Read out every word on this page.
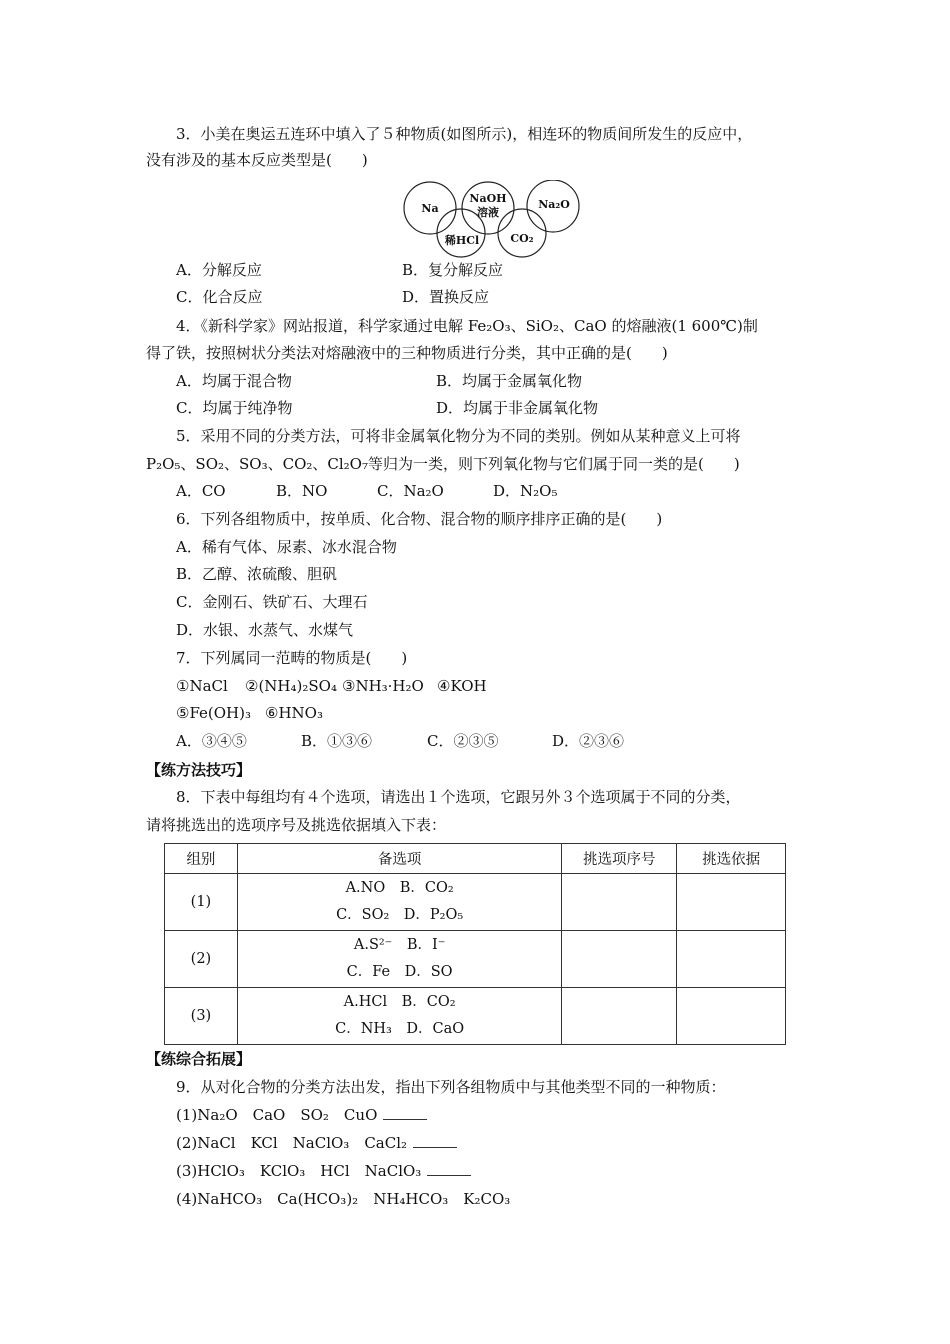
3．小美在奥运五连环中填入了５种物质(如图所示)，相连环的物质间所发生的反应中，
没有涉及的基本反应类型是(　　)
Na
NaOH
溶液
Na₂O
稀HCl	CO₂
A．分解反应	B．复分解反应
C．化合反应	D．置换反应
4．《新科学家》网站报道，科学家通过电解 Fe₂O₃、SiO₂、CaO 的熔融液(1 600℃)制
得了铁，按照树状分类法对熔融液中的三种物质进行分类，其中正确的是(　　)
A．均属于混合物	B．均属于金属氧化物
C．均属于纯净物	D．均属于非金属氧化物
5．采用不同的分类方法，可将非金属氧化物分为不同的类别。例如从某种意义上可将
P₂O₅、SO₂、SO₃、CO₂、Cl₂O₇等归为一类，则下列氧化物与它们属于同一类的是(　　)
A．CO	B．NO	C．Na₂O	D．N₂O₅
6．下列各组物质中，按单质、化合物、混合物的顺序排序正确的是(　　)
A．稀有气体、尿素、冰水混合物
B．乙醇、浓硫酸、胆矾
C．金刚石、铁矿石、大理石
D．水银、水蒸气、水煤气
7．下列属同一范畴的物质是(　　)
①NaCl ②(NH₄)₂SO₄ ③NH₃·H₂O ④KOH
⑤Fe(OH)₃ ⑥HNO₃
A．③④⑤	B．①③⑥	C．②③⑤	D．②③⑥
【练方法技巧】
8．下表中每组均有４个选项，请选出１个选项，它跟另外３个选项属于不同的分类，
请将挑选出的选项序号及挑选依据填入下表：
组别	备选项	挑选项序号	挑选依据
(1)	A.NO　B．CO₂
C．SO₂　D．P₂O₅		

(2)	A.S²⁻　B．I⁻
C．Fe　D．SO		

(3)	A.HCl　B．CO₂
C．NH₃　D．CaO		

【练综合拓展】
9．从对化合物的分类方法出发，指出下列各组物质中与其他类型不同的一种物质：
(1)Na₂O　CaO　SO₂　CuO
(2)NaCl　KCl　NaClO₃　CaCl₂
(3)HClO₃　KClO₃　HCl　NaClO₃
(4)NaHCO₃　Ca(HCO₃)₂　NH₄HCO₃　K₂CO₃
